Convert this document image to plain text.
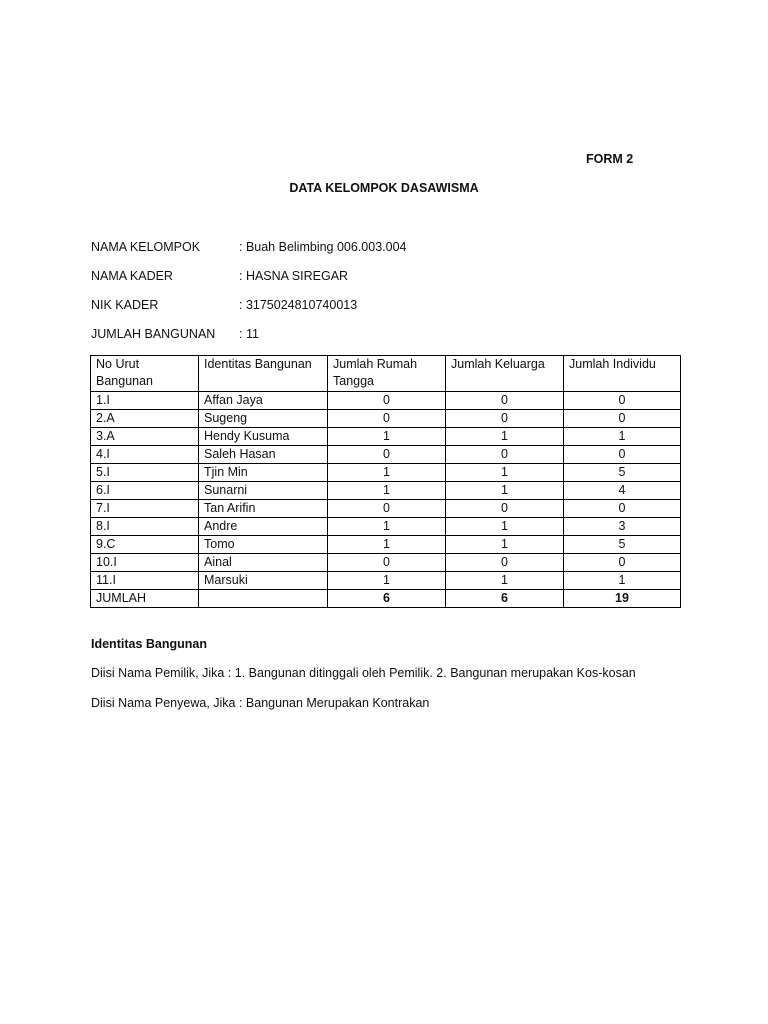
FORM 2
DATA KELOMPOK DASAWISMA
NAMA KELOMPOK	: Buah Belimbing 006.003.004
NAMA KADER	: HASNA SIREGAR
NIK KADER	: 3175024810740013
JUMLAH BANGUNAN	: 11
No Urut Bangunan	Identitas Bangunan	Jumlah Rumah Tangga	Jumlah Keluarga	Jumlah Individu
1.I	Affan Jaya	0	0	0
2.A	Sugeng	0	0	0
3.A	Hendy Kusuma	1	1	1
4.I	Saleh Hasan	0	0	0
5.I	Tjin Min	1	1	5
6.I	Sunarni	1	1	4
7.I	Tan Arifin	0	0	0
8.I	Andre	1	1	3
9.C	Tomo	1	1	5
10.I	Ainal	0	0	0
11.I	Marsuki	1	1	1
JUMLAH		6	6	19
Identitas Bangunan
Diisi Nama Pemilik, Jika : 1. Bangunan ditinggali oleh Pemilik. 2. Bangunan merupakan Kos-kosan
Diisi Nama Penyewa, Jika : Bangunan Merupakan Kontrakan
